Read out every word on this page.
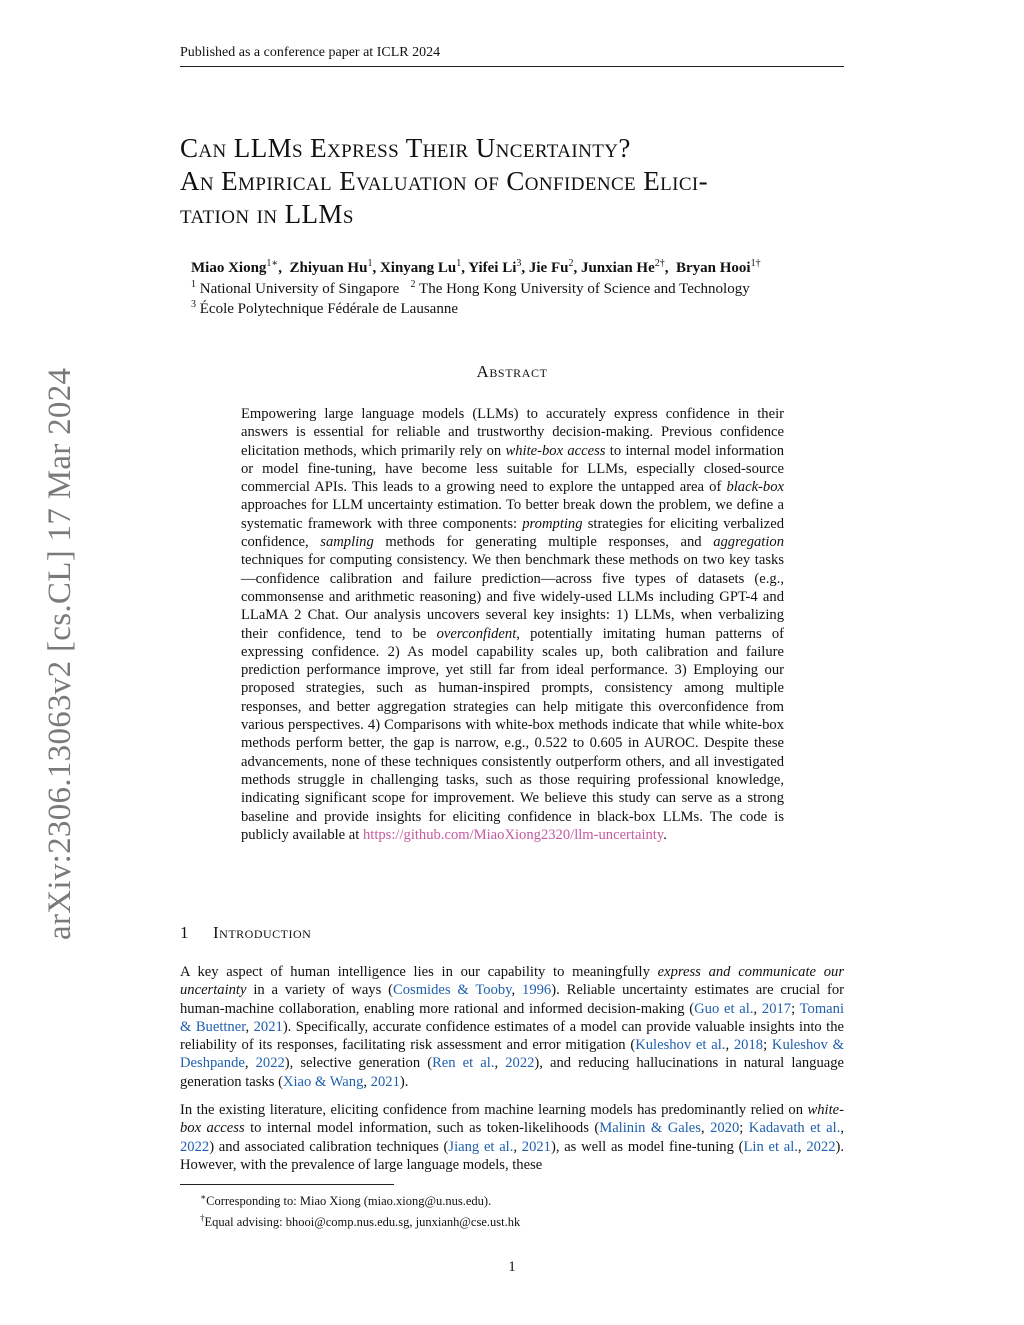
Published as a conference paper at ICLR 2024
arXiv:2306.13063v2 [cs.CL] 17 Mar 2024
Can LLMs Express Their Uncertainty?
An Empirical Evaluation of Confidence Elici-
tation in LLMs
Miao Xiong$^{1∗}$,  Zhiyuan Hu$^1$, Xinyang Lu$^1$, Yifei Li$^3$, Jie Fu$^2$, Junxian $He^{2\dagger}$,  Bryan Hooi$^{1\dagger}$
$^1$ National University of Singapore $^2$ The Hong Kong University of Science and Technology
$^3$ École Polytechnique Fédérale de Lausanne
Abstract

Empowering large language models (LLMs) to accurately express confidence in their answers is essential for reliable and trustworthy decision-making. Previous confidence elicitation methods, which primarily rely on white-box access to internal model information or model fine-tuning, have become less suitable for LLMs, especially closed-source commercial APIs. This leads to a growing need to explore the untapped area of black-box approaches for LLM uncertainty estimation. To better break down the problem, we define a systematic framework with three components: prompting strategies for eliciting verbalized confidence, sampling methods for generating multiple responses, and aggregation techniques for computing consistency. We then benchmark these methods on two key tasks—confidence calibration and failure prediction—across five types of datasets (e.g., commonsense and arithmetic reasoning) and five widely-used LLMs including GPT-4 and LLaMA 2 Chat. Our analysis uncovers several key insights: 1) LLMs, when verbalizing their confidence, tend to be overconfident, potentially imitating human patterns of expressing confidence. 2) As model capability scales up, both calibration and failure prediction performance improve, yet still far from ideal performance. 3) Employing our proposed strategies, such as human-inspired prompts, consistency among multiple responses, and better aggregation strategies can help mitigate this overconfidence from various perspectives. 4) Comparisons with white-box methods indicate that while white-box methods perform better, the gap is narrow, e.g., 0.522 to 0.605 in AUROC. Despite these advancements, none of these techniques consistently outperform others, and all investigated methods struggle in challenging tasks, such as those requiring professional knowledge, indicating significant scope for improvement. We believe this study can serve as a strong baseline and provide insights for eliciting confidence in black-box LLMs. The code is publicly available at https://github.com/MiaoXiong2320/llm-uncertainty.

1 Introduction

A key aspect of human intelligence lies in our capability to meaningfully express and communicate our uncertainty in a variety of ways (Cosmides & Tooby, 1996). Reliable uncertainty estimates are crucial for human-machine collaboration, enabling more rational and informed decision-making (Guo et al., 2017; Tomani & Buettner, 2021). Specifically, accurate confidence estimates of a model can provide valuable insights into the reliability of its responses, facilitating risk assessment and error mitigation (Kuleshov et al., 2018; Kuleshov & Deshpande, 2022), selective generation (Ren et al., 2022), and reducing hallucinations in natural language generation tasks (Xiao & Wang, 2021).

In the existing literature, eliciting confidence from machine learning models has predominantly relied on white-box access to internal model information, such as token-likelihoods (Malinin & Gales, 2020; Kadavath et al., 2022) and associated calibration techniques (Jiang et al., 2021), as well as model fine-tuning (Lin et al., 2022). However, with the prevalence of large language models, these

∗Corresponding to: Miao Xiong (miao.xiong@u.nus.edu).
†Equal advising: bhooi@comp.nus.edu.sg, junxianh@cse.ust.hk
1
